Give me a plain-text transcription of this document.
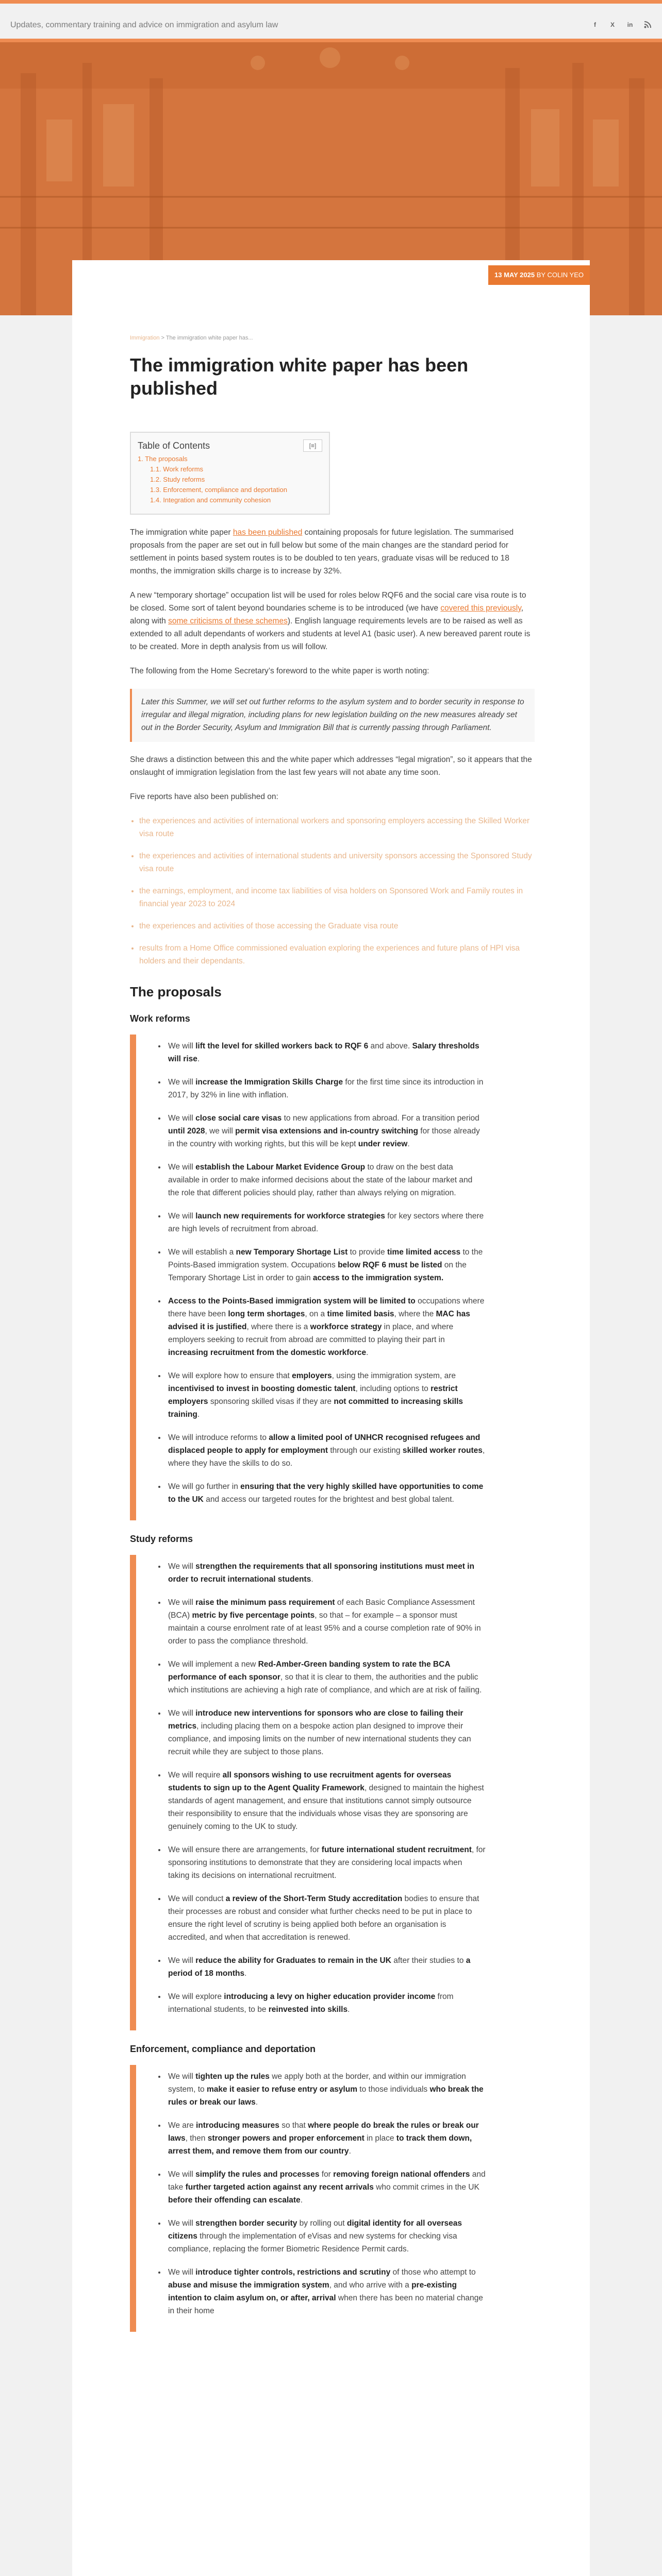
Updates, commentary training and advice on immigration and asylum law	f	X	in
13 MAY 2025 BY COLIN YEO
Immigration > The immigration white paper has...
The immigration white paper has been published
Table of Contents	[≡]
1. The proposals
1.1. Work reforms
1.2. Study reforms
1.3. Enforcement, compliance and deportation
1.4. Integration and community cohesion

The immigration white paper has been published containing proposals for future legislation. The summarised proposals from the paper are set out in full below but some of the main changes are the standard period for settlement in points based system routes is to be doubled to ten years, graduate visas will be reduced to 18 months, the immigration skills charge is to increase by 32%.

A new “temporary shortage” occupation list will be used for roles below RQF6 and the social care visa route is to be closed. Some sort of talent beyond boundaries scheme is to be introduced (we have covered this previously, along with some criticisms of these schemes). English language requirements levels are to be raised as well as extended to all adult dependants of workers and students at level A1 (basic user). A new bereaved parent route is to be created. More in depth analysis from us will follow.

The following from the Home Secretary’s foreword to the white paper is worth noting:

Later this Summer, we will set out further reforms to the asylum system and to border security in response to irregular and illegal migration, including plans for new legislation building on the new measures already set out in the Border Security, Asylum and Immigration Bill that is currently passing through Parliament.

She draws a distinction between this and the white paper which addresses “legal migration”, so it appears that the onslaught of immigration legislation from the last few years will not abate any time soon.

Five reports have also been published on:

• the experiences and activities of international workers and sponsoring employers accessing the Skilled Worker visa route
• the experiences and activities of international students and university sponsors accessing the Sponsored Study visa route
• the earnings, employment, and income tax liabilities of visa holders on Sponsored Work and Family routes in financial year 2023 to 2024
• the experiences and activities of those accessing the Graduate visa route
• results from a Home Office commissioned evaluation exploring the experiences and future plans of HPI visa holders and their dependants.
The proposals
Work reforms
• We will lift the level for skilled workers back to RQF 6 and above. Salary thresholds will rise.
• We will increase the Immigration Skills Charge for the first time since its introduction in 2017, by 32% in line with inflation.
• We will close social care visas to new applications from abroad. For a transition period until 2028, we will permit visa extensions and in-country switching for those already in the country with working rights, but this will be kept under review.
• We will establish the Labour Market Evidence Group to draw on the best data available in order to make informed decisions about the state of the labour market and the role that different policies should play, rather than always relying on migration.
• We will launch new requirements for workforce strategies for key sectors where there are high levels of recruitment from abroad.
• We will establish a new Temporary Shortage List to provide time limited access to the Points-Based immigration system. Occupations below RQF 6 must be listed on the Temporary Shortage List in order to gain access to the immigration system.
• Access to the Points-Based immigration system will be limited to occupations where there have been long term shortages, on a time limited basis, where the MAC has advised it is justified, where there is a workforce strategy in place, and where employers seeking to recruit from abroad are committed to playing their part in increasing recruitment from the domestic workforce.
• We will explore how to ensure that employers, using the immigration system, are incentivised to invest in boosting domestic talent, including options to restrict employers sponsoring skilled visas if they are not committed to increasing skills training.
• We will introduce reforms to allow a limited pool of UNHCR recognised refugees and displaced people to apply for employment through our existing skilled worker routes, where they have the skills to do so.
• We will go further in ensuring that the very highly skilled have opportunities to come to the UK and access our targeted routes for the brightest and best global talent.
Study reforms
• We will strengthen the requirements that all sponsoring institutions must meet in order to recruit international students.
• We will raise the minimum pass requirement of each Basic Compliance Assessment (BCA) metric by five percentage points, so that – for example – a sponsor must maintain a course enrolment rate of at least 95% and a course completion rate of 90% in order to pass the compliance threshold.
• We will implement a new Red-Amber-Green banding system to rate the BCA performance of each sponsor, so that it is clear to them, the authorities and the public which institutions are achieving a high rate of compliance, and which are at risk of failing.
• We will introduce new interventions for sponsors who are close to failing their metrics, including placing them on a bespoke action plan designed to improve their compliance, and imposing limits on the number of new international students they can recruit while they are subject to those plans.
• We will require all sponsors wishing to use recruitment agents for overseas students to sign up to the Agent Quality Framework, designed to maintain the highest standards of agent management, and ensure that institutions cannot simply outsource their responsibility to ensure that the individuals whose visas they are sponsoring are genuinely coming to the UK to study.
• We will ensure there are arrangements, for future international student recruitment, for sponsoring institutions to demonstrate that they are considering local impacts when taking its decisions on international recruitment.
• We will conduct a review of the Short-Term Study accreditation bodies to ensure that their processes are robust and consider what further checks need to be put in place to ensure the right level of scrutiny is being applied both before an organisation is accredited, and when that accreditation is renewed.
• We will reduce the ability for Graduates to remain in the UK after their studies to a period of 18 months.
• We will explore introducing a levy on higher education provider income from international students, to be reinvested into skills.
Enforcement, compliance and deportation
• We will tighten up the rules we apply both at the border, and within our immigration system, to make it easier to refuse entry or asylum to those individuals who break the rules or break our laws.
• We are introducing measures so that where people do break the rules or break our laws, then stronger powers and proper enforcement in place to track them down, arrest them, and remove them from our country.
• We will simplify the rules and processes for removing foreign national offenders and take further targeted action against any recent arrivals who commit crimes in the UK before their offending can escalate.
• We will strengthen border security by rolling out digital identity for all overseas citizens through the implementation of eVisas and new systems for checking visa compliance, replacing the former Biometric Residence Permit cards.
• We will introduce tighter controls, restrictions and scrutiny of those who attempt to abuse and misuse the immigration system, and who arrive with a pre-existing intention to claim asylum on, or after, arrival when there has been no material change in their home
